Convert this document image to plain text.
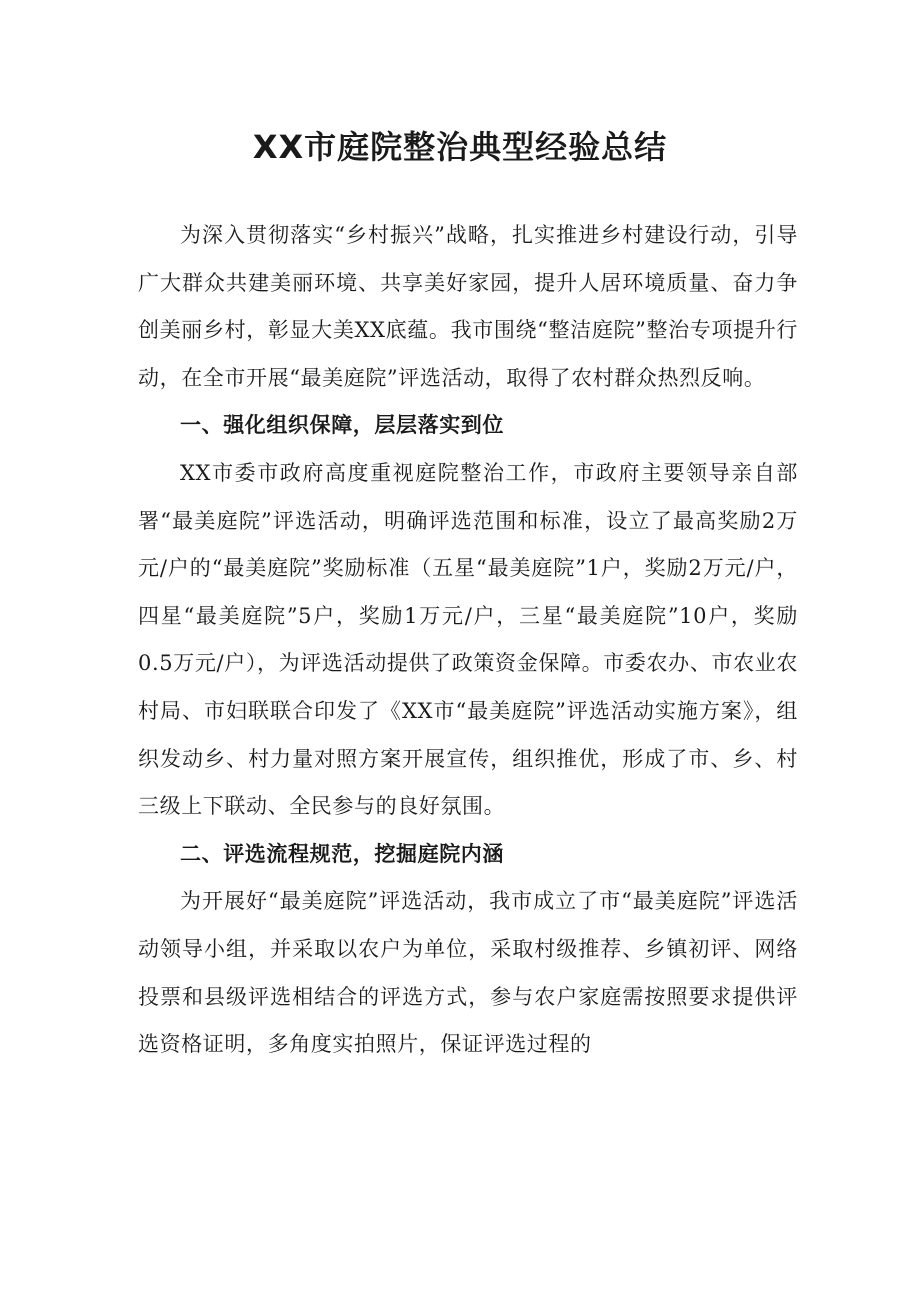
XX市庭院整治典型经验总结

为深入贯彻落实“乡村振兴”战略，扎实推进乡村建设行动，引导广大群众共建美丽环境、共享美好家园，提升人居环境质量、奋力争创美丽乡村，彰显大美XX底蕴。我市围绕“整洁庭院”整治专项提升行动，在全市开展“最美庭院”评选活动，取得了农村群众热烈反响。

一、强化组织保障，层层落实到位

XX市委市政府高度重视庭院整治工作，市政府主要领导亲自部署“最美庭院”评选活动，明确评选范围和标准，设立了最高奖励2万元/户的“最美庭院”奖励标准（五星“最美庭院”1户，奖励2万元/户，四星“最美庭院”5户，奖励1万元/户，三星“最美庭院”10户，奖励0.5万元/户），为评选活动提供了政策资金保障。市委农办、市农业农村局、市妇联联合印发了《XX市“最美庭院”评选活动实施方案》，组织发动乡、村力量对照方案开展宣传，组织推优，形成了市、乡、村三级上下联动、全民参与的良好氛围。

二、评选流程规范，挖掘庭院内涵

为开展好“最美庭院”评选活动，我市成立了市“最美庭院”评选活动领导小组，并采取以农户为单位，采取村级推荐、乡镇初评、网络投票和县级评选相结合的评选方式，参与农户家庭需按照要求提供评选资格证明，多角度实拍照片，保证评选过程的
